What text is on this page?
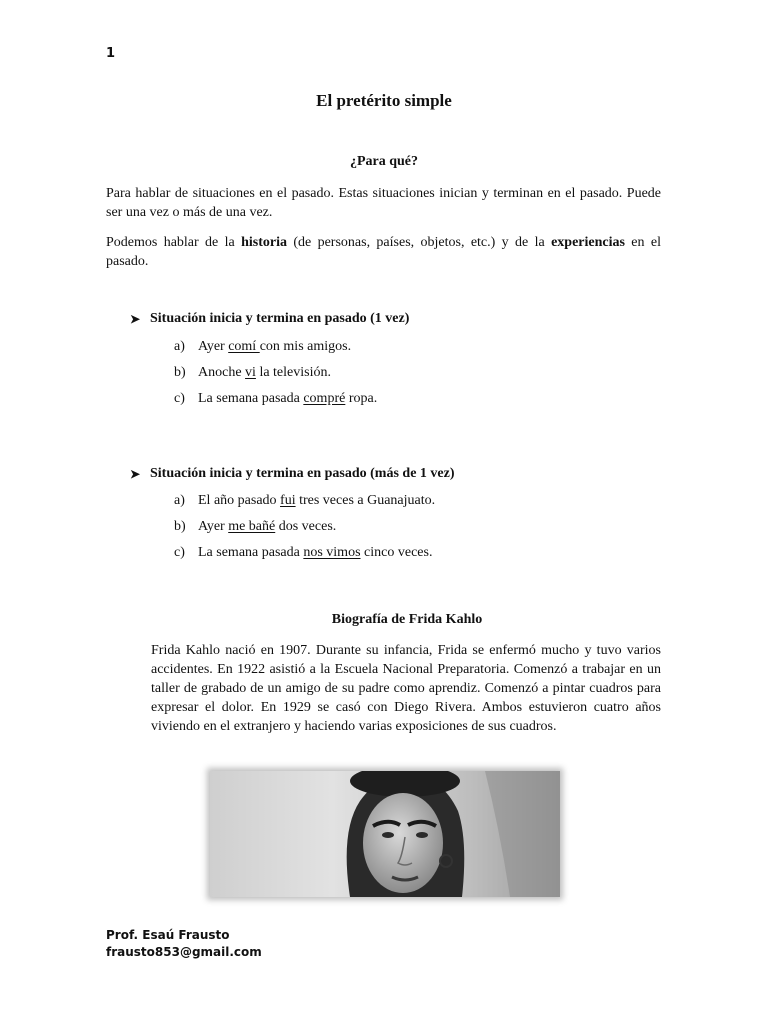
1
El pretérito simple
¿Para qué?
Para hablar de situaciones en el pasado. Estas situaciones inician y terminan en el pasado. Puede ser una vez o más de una vez.
Podemos hablar de la historia (de personas, países, objetos, etc.) y de la experiencias en el pasado.
➤ Situación inicia y termina en pasado (1 vez)
a) Ayer comí con mis amigos.
b) Anoche vi la televisión.
c) La semana pasada compré ropa.
➤ Situación inicia y termina en pasado (más de 1 vez)
a) El año pasado fui tres veces a Guanajuato.
b) Ayer me bañé dos veces.
c) La semana pasada nos vimos cinco veces.
Biografía de Frida Kahlo
Frida Kahlo nació en 1907. Durante su infancia, Frida se enfermó mucho y tuvo varios accidentes. En 1922 asistió a la Escuela Nacional Preparatoria. Comenzó a trabajar en un taller de grabado de un amigo de su padre como aprendiz. Comenzó a pintar cuadros para expresar el dolor. En 1929 se casó con Diego Rivera. Ambos estuvieron cuatro años viviendo en el extranjero y haciendo varias exposiciones de sus cuadros.
Prof. Esaú Frausto
frausto853@gmail.com
